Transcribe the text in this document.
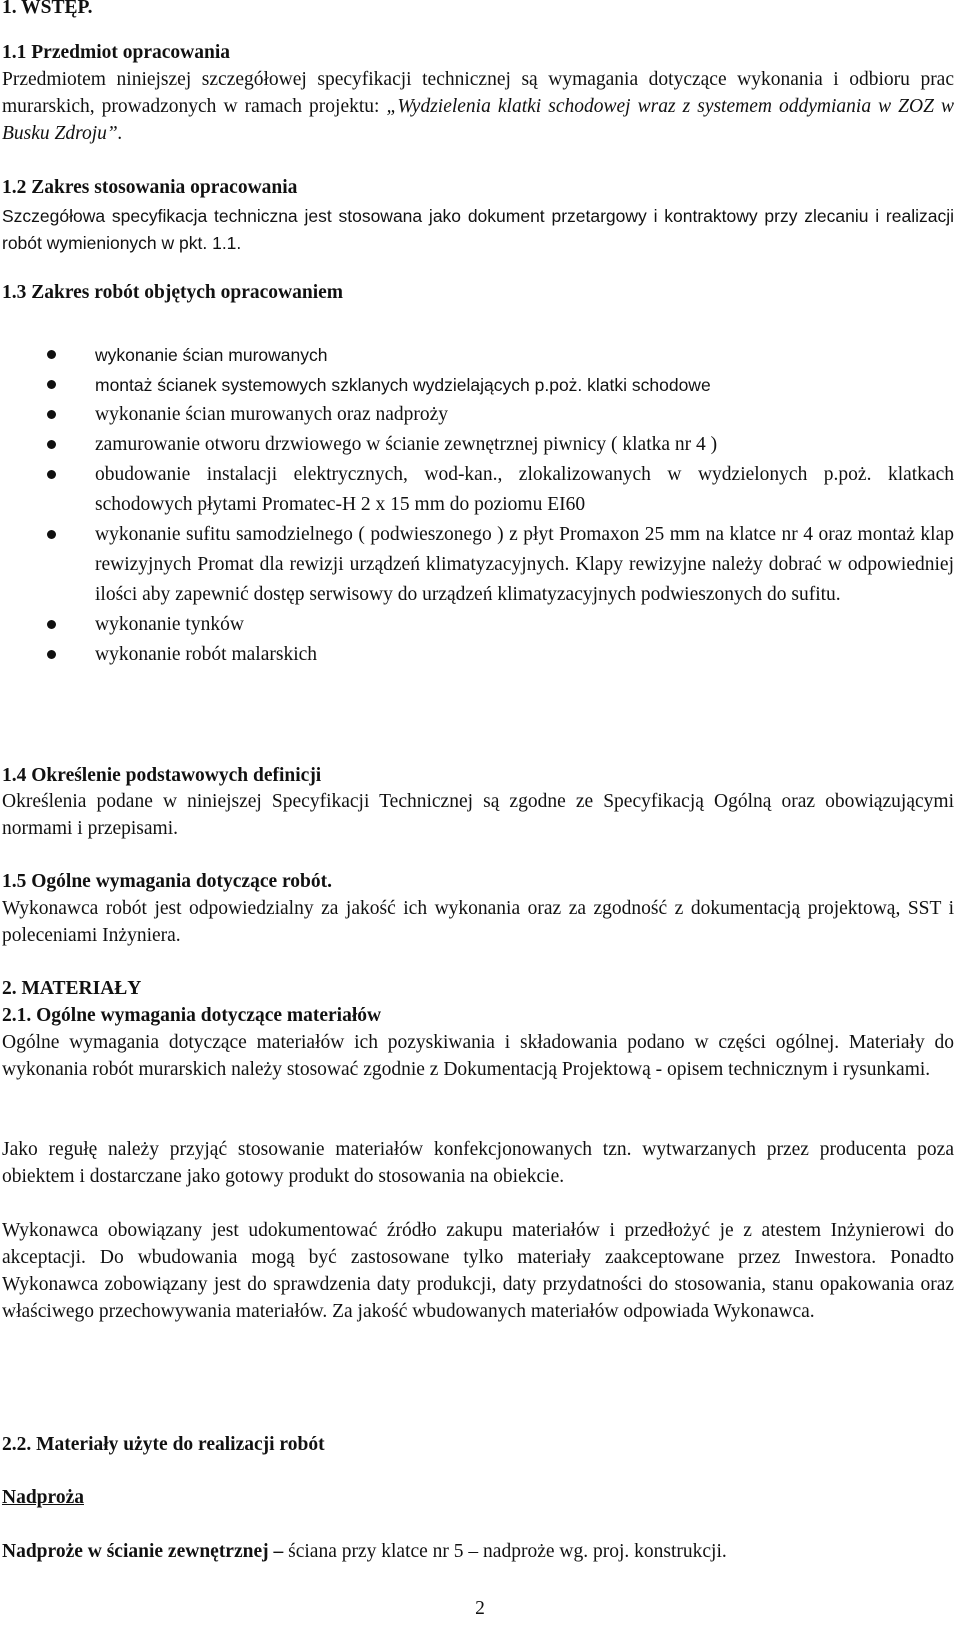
1. WSTĘP.
1.1 Przedmiot opracowania
Przedmiotem niniejszej szczegółowej specyfikacji technicznej są wymagania dotyczące wykonania i odbioru prac murarskich, prowadzonych w ramach projektu: „Wydzielenia klatki schodowej wraz z systemem oddymiania w ZOZ w Busku Zdroju”.
1.2 Zakres stosowania opracowania
Szczegółowa specyfikacja techniczna jest stosowana jako dokument przetargowy i kontraktowy przy zlecaniu i realizacji robót wymienionych w pkt. 1.1.
1.3 Zakres robót objętych opracowaniem
wykonanie ścian murowanych
montaż ścianek systemowych szklanych wydzielających p.poż. klatki schodowe
wykonanie ścian murowanych oraz nadproży
zamurowanie otworu drzwiowego w ścianie zewnętrznej piwnicy ( klatka nr 4 )
obudowanie instalacji elektrycznych, wod-kan., zlokalizowanych w wydzielonych p.poż. klatkach schodowych płytami Promatec-H 2 x 15 mm do poziomu EI60
wykonanie sufitu samodzielnego ( podwieszonego ) z płyt Promaxon 25 mm na klatce nr 4 oraz montaż klap rewizyjnych Promat dla rewizji urządzeń klimatyzacyjnych. Klapy rewizyjne należy dobrać w odpowiedniej ilości aby zapewnić dostęp serwisowy do urządzeń klimatyzacyjnych podwieszonych do sufitu.
wykonanie tynków
wykonanie robót malarskich
1.4 Określenie podstawowych definicji
Określenia podane w niniejszej Specyfikacji Technicznej są zgodne ze Specyfikacją Ogólną oraz obowiązującymi normami i przepisami.
1.5 Ogólne wymagania dotyczące robót.
Wykonawca robót jest odpowiedzialny za jakość ich wykonania oraz za zgodność z dokumentacją projektową, SST i poleceniami Inżyniera.
2. MATERIAŁY
2.1. Ogólne wymagania dotyczące materiałów
Ogólne wymagania dotyczące materiałów ich pozyskiwania i składowania podano w części ogólnej. Materiały do wykonania robót murarskich należy stosować zgodnie z Dokumentacją Projektową - opisem technicznym i rysunkami.
Jako regułę należy przyjąć stosowanie materiałów konfekcjonowanych tzn. wytwarzanych przez producenta poza obiektem i dostarczane jako gotowy produkt do stosowania na obiekcie.
Wykonawca obowiązany jest udokumentować źródło zakupu materiałów i przedłożyć je z atestem Inżynierowi do akceptacji. Do wbudowania mogą być zastosowane tylko materiały zaakceptowane przez Inwestora. Ponadto Wykonawca zobowiązany jest do sprawdzenia daty produkcji, daty przydatności do stosowania, stanu opakowania oraz właściwego przechowywania materiałów. Za jakość wbudowanych materiałów odpowiada Wykonawca.
2.2. Materiały użyte do realizacji robót
Nadproża
Nadproże w ścianie zewnętrznej – ściana przy klatce nr 5 – nadproże wg. proj. konstrukcji.
2
